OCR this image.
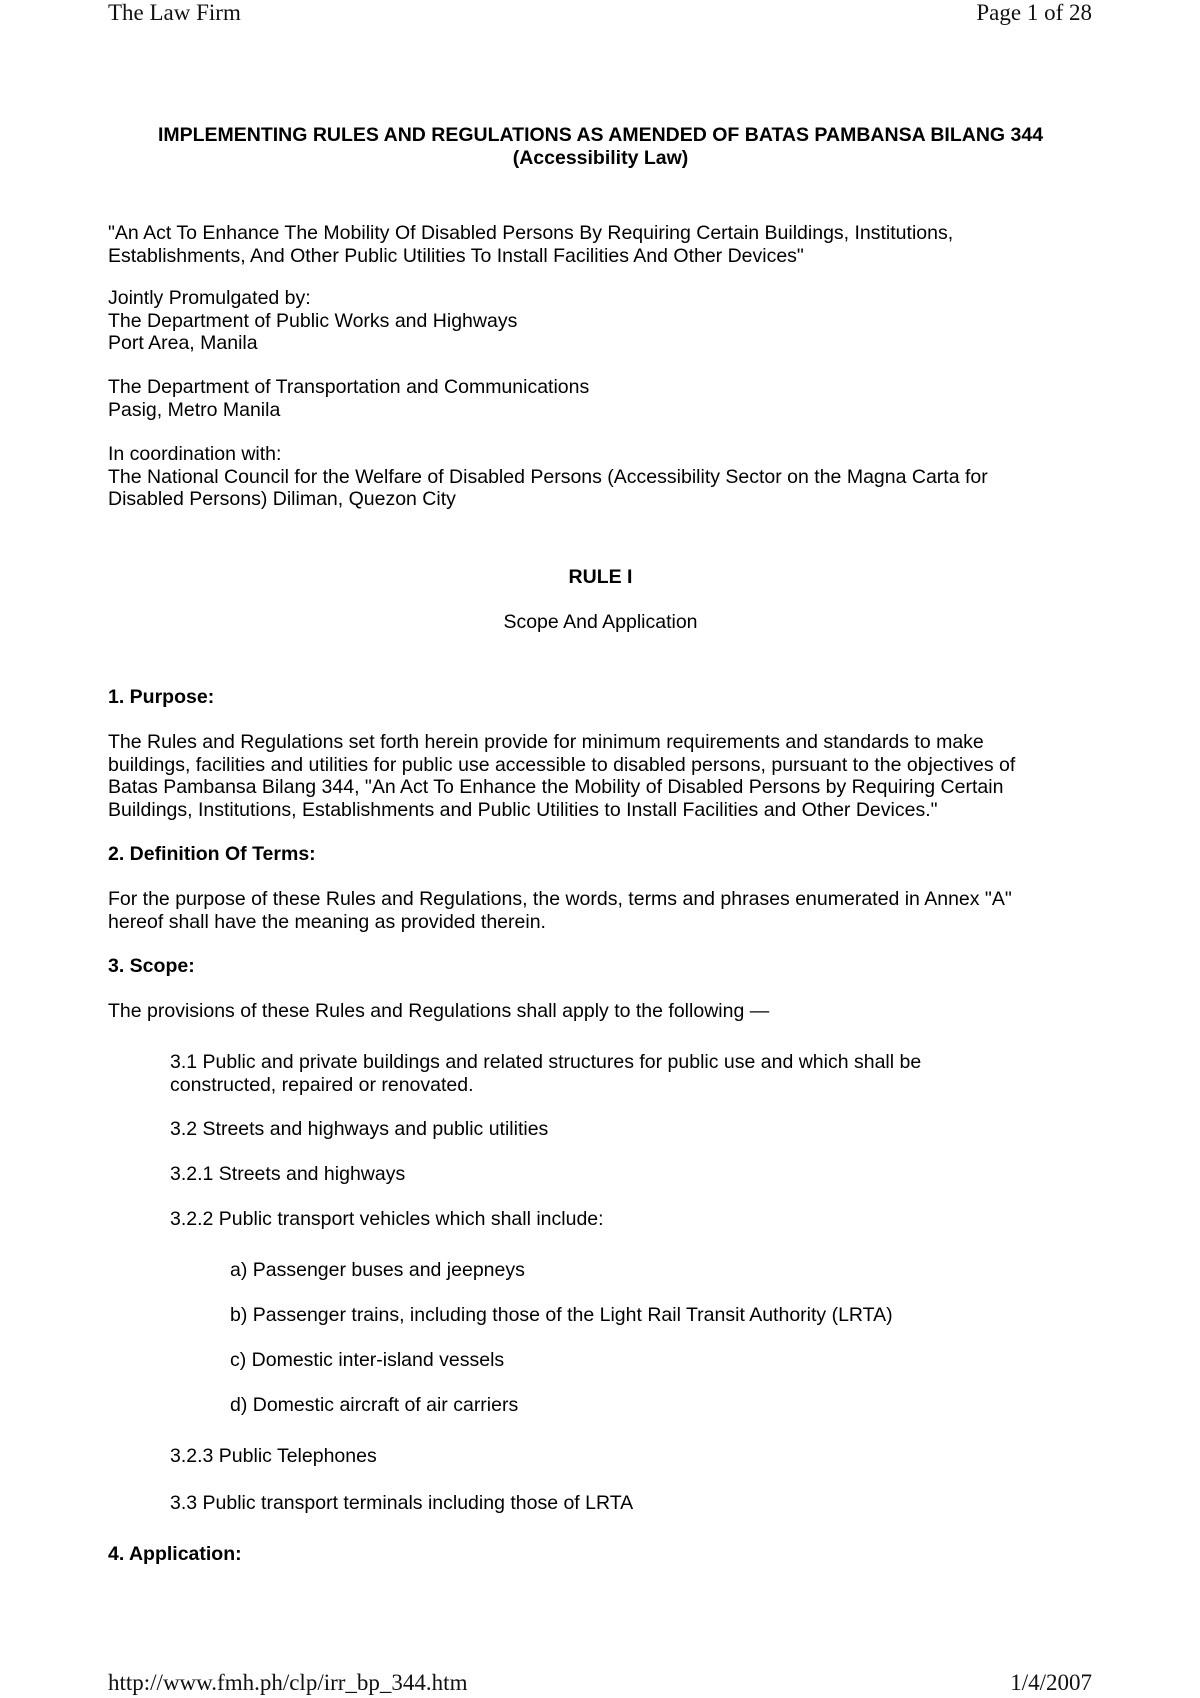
The Law Firm	Page 1 of 28
IMPLEMENTING RULES AND REGULATIONS AS AMENDED OF BATAS PAMBANSA BILANG 344
(Accessibility Law)
"An Act To Enhance The Mobility Of Disabled Persons By Requiring Certain Buildings, Institutions,
Establishments, And Other Public Utilities To Install Facilities And Other Devices"
Jointly Promulgated by:
The Department of Public Works and Highways
Port Area, Manila
The Department of Transportation and Communications
Pasig, Metro Manila
In coordination with:
The National Council for the Welfare of Disabled Persons (Accessibility Sector on the Magna Carta for
Disabled Persons) Diliman, Quezon City
RULE I
Scope And Application
1. Purpose:
The Rules and Regulations set forth herein provide for minimum requirements and standards to make
buildings, facilities and utilities for public use accessible to disabled persons, pursuant to the objectives of
Batas Pambansa Bilang 344, "An Act To Enhance the Mobility of Disabled Persons by Requiring Certain
Buildings, Institutions, Establishments and Public Utilities to Install Facilities and Other Devices."
2. Definition Of Terms:
For the purpose of these Rules and Regulations, the words, terms and phrases enumerated in Annex "A"
hereof shall have the meaning as provided therein.
3. Scope:
The provisions of these Rules and Regulations shall apply to the following —
3.1 Public and private buildings and related structures for public use and which shall be
constructed, repaired or renovated.
3.2 Streets and highways and public utilities
3.2.1 Streets and highways
3.2.2 Public transport vehicles which shall include:
a) Passenger buses and jeepneys
b) Passenger trains, including those of the Light Rail Transit Authority (LRTA)
c) Domestic inter-island vessels
d) Domestic aircraft of air carriers
3.2.3 Public Telephones
3.3 Public transport terminals including those of LRTA
4. Application:
http://www.fmh.ph/clp/irr_bp_344.htm	1/4/2007
